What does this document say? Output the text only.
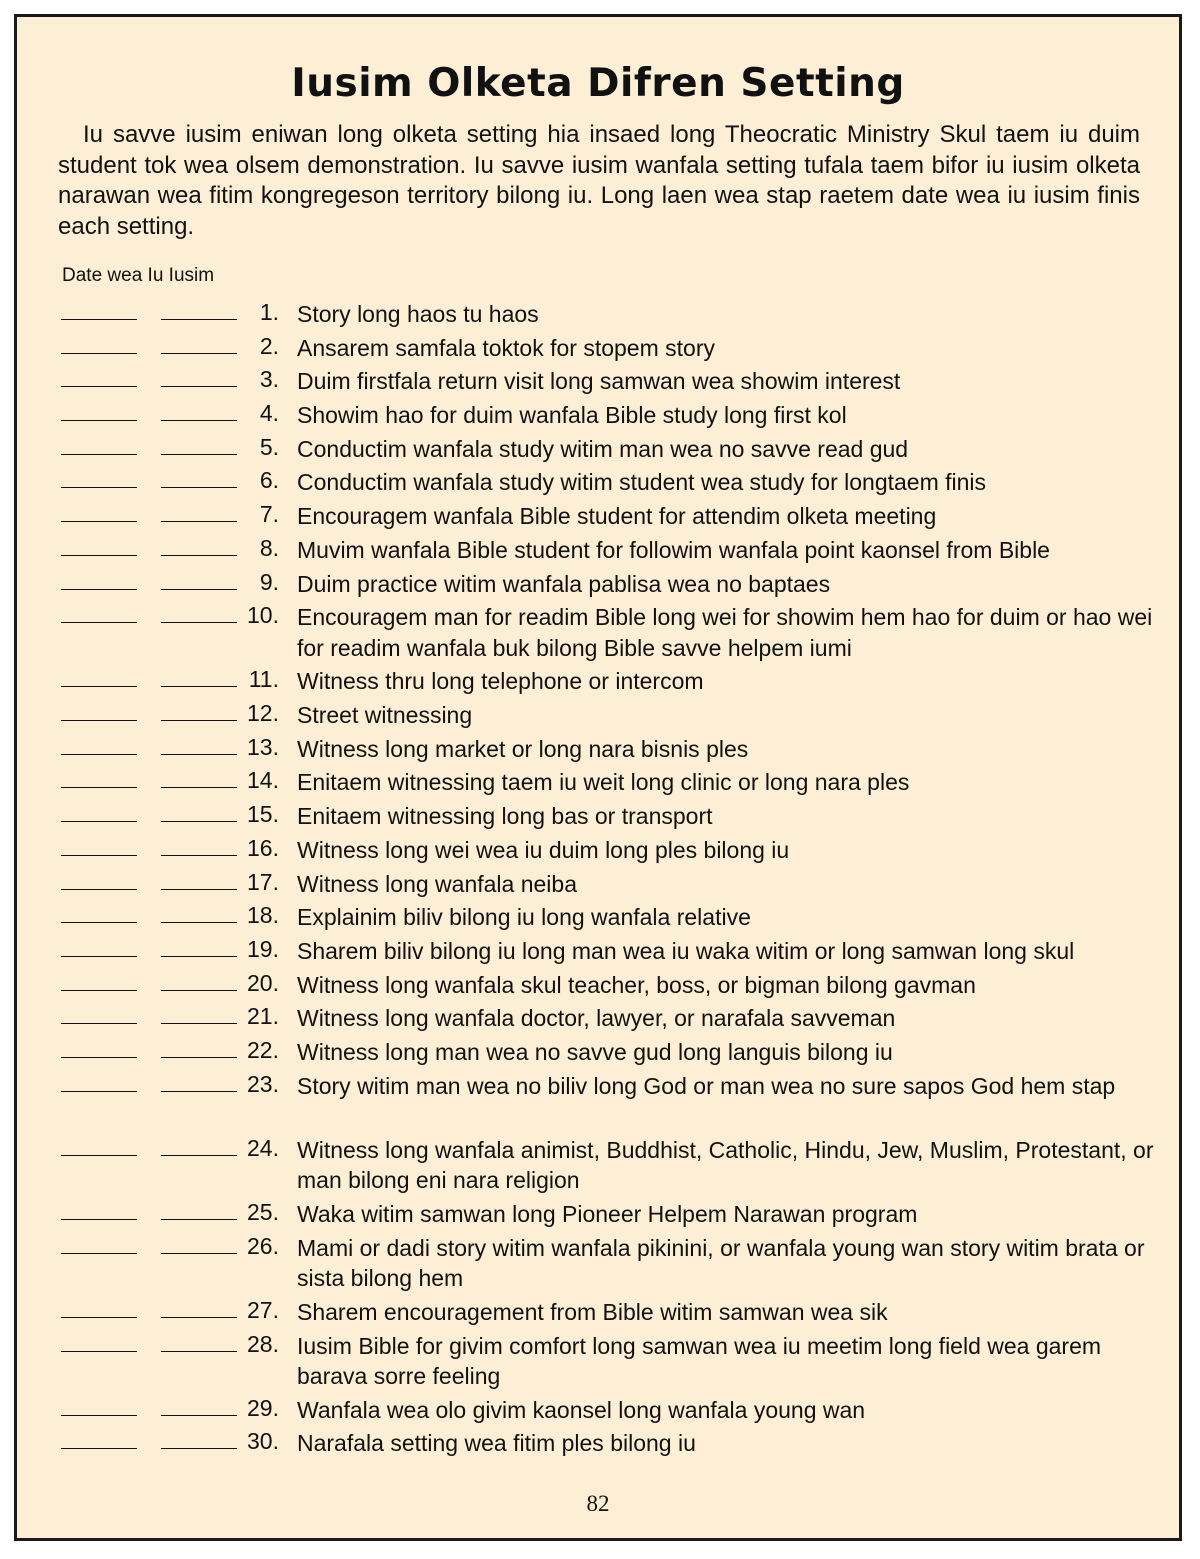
Iusim Olketa Difren Setting

Iu savve iusim eniwan long olketa setting hia insaed long Theocratic Ministry Skul taem iu duim student tok wea olsem demonstration. Iu savve iusim wanfala setting tufala taem bifor iu iusim olketa narawan wea fitim kongregeson territory bilong iu. Long laen wea stap raetem date wea iu iusim finis each setting.

Date wea Iu Iusim
1. Story long haos tu haos
2. Ansarem samfala toktok for stopem story
3. Duim firstfala return visit long samwan wea showim interest
4. Showim hao for duim wanfala Bible study long first kol
5. Conductim wanfala study witim man wea no savve read gud
6. Conductim wanfala study witim student wea study for longtaem finis
7. Encouragem wanfala Bible student for attendim olketa meeting
8. Muvim wanfala Bible student for followim wanfala point kaonsel from Bible
9. Duim practice witim wanfala pablisa wea no baptaes
10. Encouragem man for readim Bible long wei for showim hem hao for duim or hao wei for readim wanfala buk bilong Bible savve helpem iumi
11. Witness thru long telephone or intercom
12. Street witnessing
13. Witness long market or long nara bisnis ples
14. Enitaem witnessing taem iu weit long clinic or long nara ples
15. Enitaem witnessing long bas or transport
16. Witness long wei wea iu duim long ples bilong iu
17. Witness long wanfala neiba
18. Explainim biliv bilong iu long wanfala relative
19. Sharem biliv bilong iu long man wea iu waka witim or long samwan long skul
20. Witness long wanfala skul teacher, boss, or bigman bilong gavman
21. Witness long wanfala doctor, lawyer, or narafala savveman
22. Witness long man wea no savve gud long languis bilong iu
23. Story witim man wea no biliv long God or man wea no sure sapos God hem stap
24. Witness long wanfala animist, Buddhist, Catholic, Hindu, Jew, Muslim, Protestant, or man bilong eni nara religion
25. Waka witim samwan long Pioneer Helpem Narawan program
26. Mami or dadi story witim wanfala pikinini, or wanfala young wan story witim brata or sista bilong hem
27. Sharem encouragement from Bible witim samwan wea sik
28. Iusim Bible for givim comfort long samwan wea iu meetim long field wea garem barava sorre feeling
29. Wanfala wea olo givim kaonsel long wanfala young wan
30. Narafala setting wea fitim ples bilong iu
82
